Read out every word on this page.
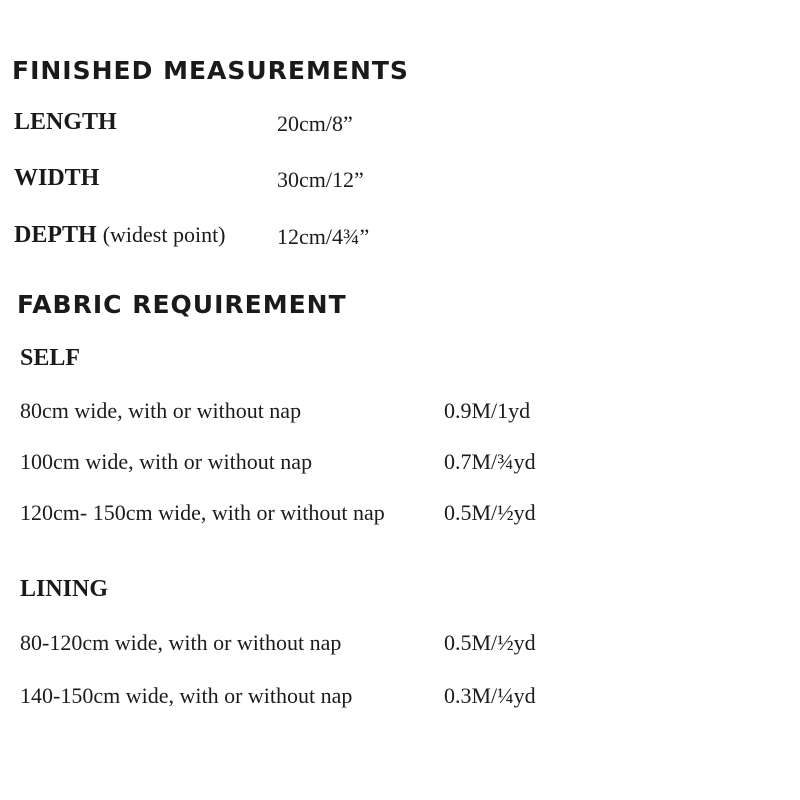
FINISHED MEASUREMENTS
LENGTH	20cm/8”
WIDTH	30cm/12”
DEPTH (widest point) 12cm/4¾”
FABRIC REQUIREMENT
SELF
80cm wide, with or without nap	0.9M/1yd
100cm wide, with or without nap	0.7M/¾yd
120cm- 150cm wide, with or without nap	0.5M/½yd
LINING
80-120cm wide, with or without nap	0.5M/½yd
140-150cm wide, with or without nap	0.3M/¼yd
